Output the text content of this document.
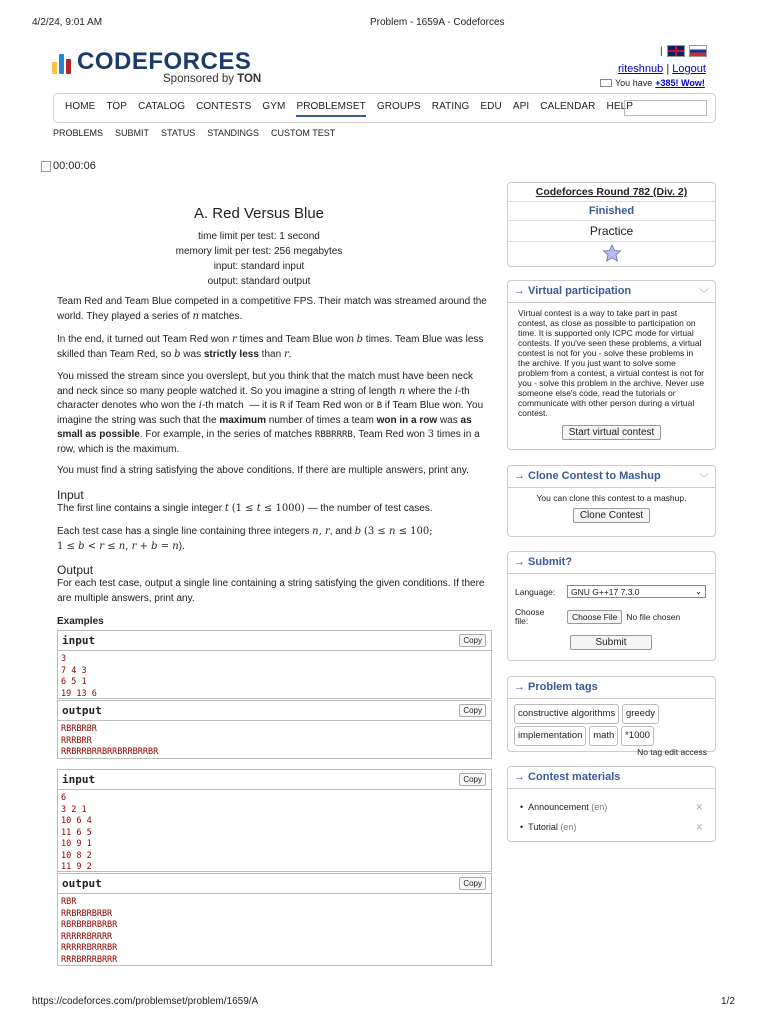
4/2/24, 9:01 AM	Problem - 1659A - Codeforces
CODEFORCES
Sponsored by TON
|
riteshnub | Logout
You have +385! Wow!
HOME TOP CATALOG CONTESTS GYM PROBLEMSET GROUPS RATING EDU API CALENDAR HELP
PROBLEMS SUBMIT STATUS STANDINGS CUSTOM TEST
00:00:06
A. Red Versus Blue
time limit per test: 1 second
memory limit per test: 256 megabytes
input: standard input
output: standard output
Team Red and Team Blue competed in a competitive FPS. Their match was streamed around the world. They played a series of n matches.
In the end, it turned out Team Red won r times and Team Blue won b times. Team Blue was less skilled than Team Red, so b was strictly less than r.
You missed the stream since you overslept, but you think that the match must have been neck and neck since so many people watched it. So you imagine a string of length n where the i-th character denotes who won the i-th match  — it is R if Team Red won or B if Team Blue won. You imagine the string was such that the maximum number of times a team won in a row was as small as possible. For example, in the series of matches RBBRRRB, Team Red won 3 times in a row, which is the maximum.
You must find a string satisfying the above conditions. If there are multiple answers, print any.
Input
The first line contains a single integer t (1 ≤ t ≤ 1000) — the number of test cases.
Each test case has a single line containing three integers n, r, and b (3 ≤ n ≤ 100;
1 ≤ b < r ≤ n, r + b = n).
Output
For each test case, output a single line containing a string satisfying the given conditions. If there are multiple answers, print any.
Examples
input	Copy
3
7 4 3
6 5 1
19 13 6
output	Copy
RBRBRBR
RRRBRR
RRBRRBRRBRRBRRBRRBR
input	Copy
6
3 2 1
10 6 4
11 6 5
10 9 1
10 8 2
11 9 2
output	Copy
RBR
RRBRBRBRBR
RBRBRBRBRBR
RRRRRBRRRR
RRRRRBRRRBR
RRRBRRRBRRR
Codeforces Round 782 (Div. 2)
Finished
Practice
→ Virtual participation	﹀
Virtual contest is a way to take part in past contest, as close as possible to participation on time. It is supported only ICPC mode for virtual contests. If you've seen these problems, a virtual contest is not for you - solve these problems in the archive. If you just want to solve some problem from a contest, a virtual contest is not for you - solve this problem in the archive. Never use someone else's code, read the tutorials or communicate with other person during a virtual contest.
Start virtual contest
→ Clone Contest to Mashup	﹀
You can clone this contest to a mashup.
Clone Contest
→ Submit?
Language:	GNU G++17 7.3.0	⌄
Choose file:	Choose File	No file chosen
Submit
→ Problem tags
constructive algorithms greedy
implementation math *1000
No tag edit access
→ Contest materials
•  Announcement (en)	✕
•  Tutorial (en)	✕
https://codeforces.com/problemset/problem/1659/A	1/2
